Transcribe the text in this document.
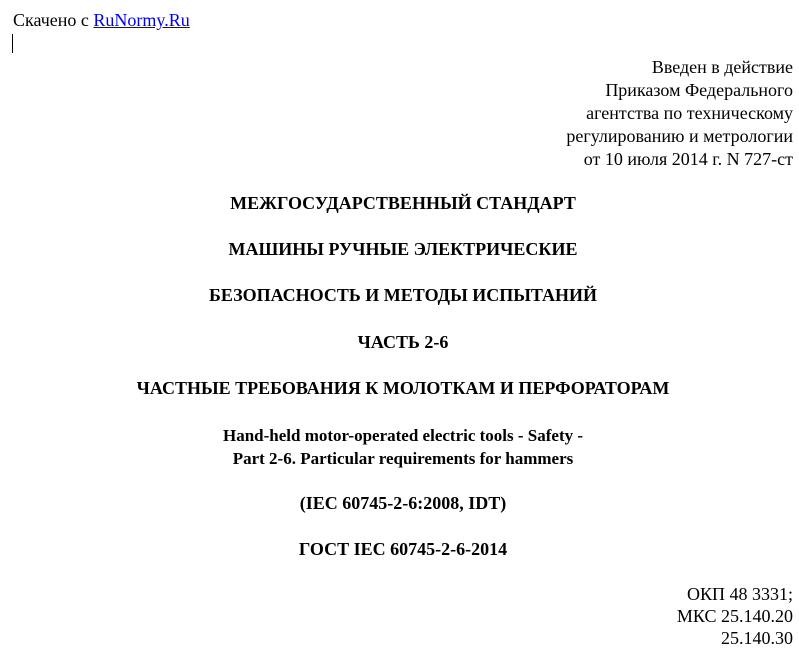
Скачено с RuNormy.Ru
Введен в действие
Приказом Федерального
агентства по техническому
регулированию и метрологии
от 10 июля 2014 г. N 727-ст
МЕЖГОСУДАРСТВЕННЫЙ СТАНДАРТ
МАШИНЫ РУЧНЫЕ ЭЛЕКТРИЧЕСКИЕ
БЕЗОПАСНОСТЬ И МЕТОДЫ ИСПЫТАНИЙ
ЧАСТЬ 2-6
ЧАСТНЫЕ ТРЕБОВАНИЯ К МОЛОТКАМ И ПЕРФОРАТОРАМ
Hand-held motor-operated electric tools - Safety -
Part 2-6. Particular requirements for hammers
(IEC 60745-2-6:2008, IDT)
ГОСТ IEC 60745-2-6-2014
ОКП 48 3331;
МКС 25.140.20
25.140.30
